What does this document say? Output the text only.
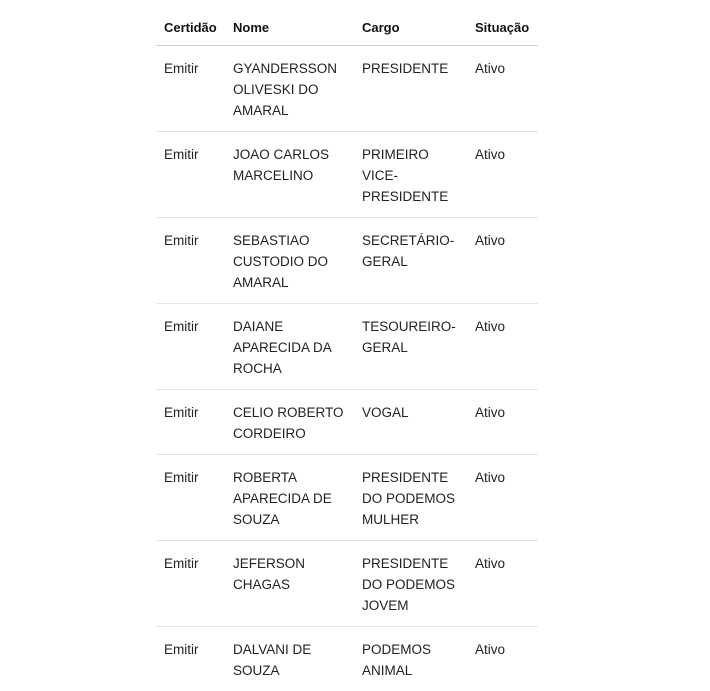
Certidão	Nome	Cargo	Situação
Emitir	GYANDERSSON OLIVESKI DO AMARAL	PRESIDENTE	Ativo
Emitir	JOAO CARLOS MARCELINO	PRIMEIRO VICE-PRESIDENTE	Ativo
Emitir	SEBASTIAO CUSTODIO DO AMARAL	SECRETÁRIO-GERAL	Ativo
Emitir	DAIANE APARECIDA DA ROCHA	TESOUREIRO-GERAL	Ativo
Emitir	CELIO ROBERTO CORDEIRO	VOGAL	Ativo
Emitir	ROBERTA APARECIDA DE SOUZA	PRESIDENTE DO PODEMOS MULHER	Ativo
Emitir	JEFERSON CHAGAS	PRESIDENTE DO PODEMOS JOVEM	Ativo
Emitir	DALVANI DE SOUZA	PODEMOS ANIMAL	Ativo
